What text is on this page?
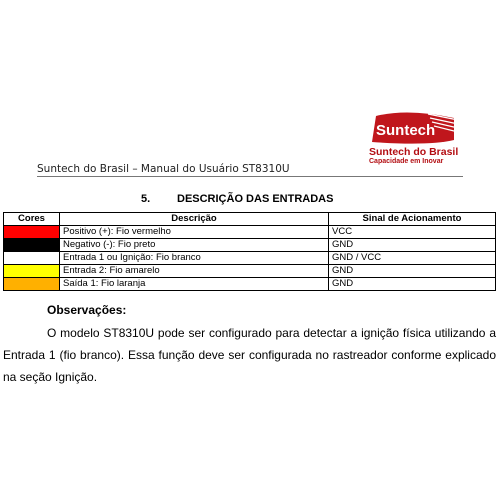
Suntech do Brasil – Manual do Usuário ST8310U
Suntech
Suntech do Brasil
Capacidade em Inovar
5. DESCRIÇÃO DAS ENTRADAS
Cores	Descrição	Sinal de Acionamento
	Positivo (+): Fio vermelho	VCC
	Negativo (-): Fio preto	GND
	Entrada 1 ou Ignição: Fio branco	GND / VCC
	Entrada 2: Fio amarelo	GND
	Saída 1: Fio laranja	GND
Observações:
O modelo ST8310U pode ser configurado para detectar a ignição física utilizando a Entrada 1 (fio branco). Essa função deve ser configurada no rastreador conforme explicado na seção Ignição.
